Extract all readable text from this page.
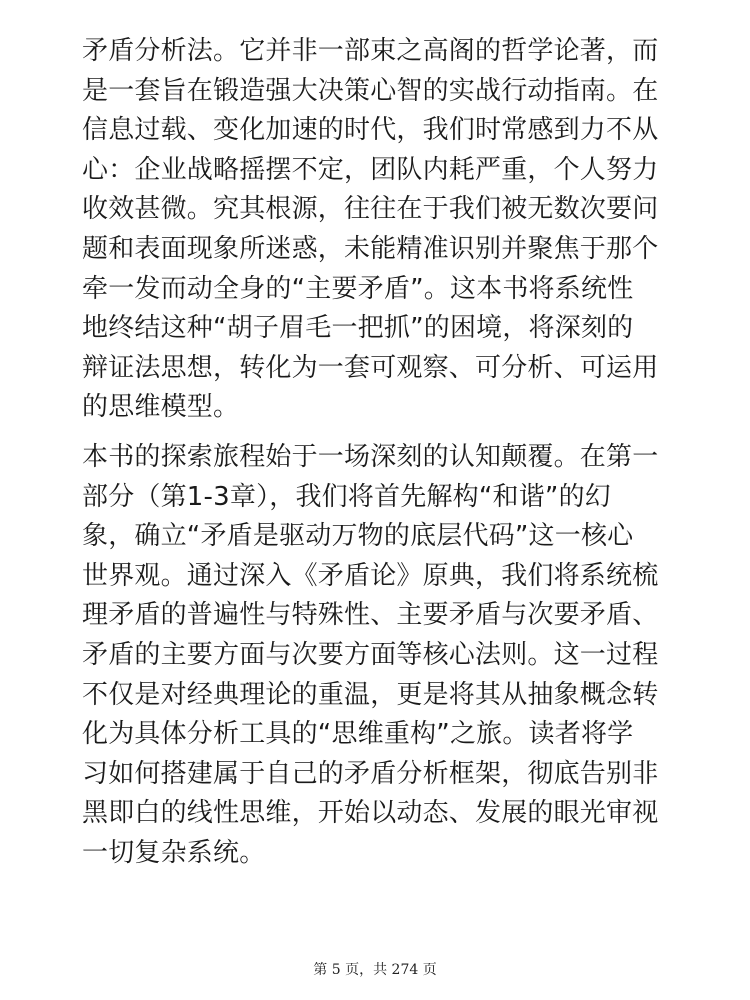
矛盾分析法。它并非一部束之高阁的哲学论著，而
是一套旨在锻造强大决策心智的实战行动指南。在
信息过载、变化加速的时代，我们时常感到力不从
心：企业战略摇摆不定，团队内耗严重，个人努力
收效甚微。究其根源，往往在于我们被无数次要问
题和表面现象所迷惑，未能精准识别并聚焦于那个
牵一发而动全身的“主要矛盾”。这本书将系统性
地终结这种“胡子眉毛一把抓”的困境，将深刻的
辩证法思想，转化为一套可观察、可分析、可运用
的思维模型。

本书的探索旅程始于一场深刻的认知颠覆。在第一
部分（第1-3章），我们将首先解构“和谐”的幻
象，确立“矛盾是驱动万物的底层代码”这一核心
世界观。通过深入《矛盾论》原典，我们将系统梳
理矛盾的普遍性与特殊性、主要矛盾与次要矛盾、
矛盾的主要方面与次要方面等核心法则。这一过程
不仅是对经典理论的重温，更是将其从抽象概念转
化为具体分析工具的“思维重构”之旅。读者将学
习如何搭建属于自己的矛盾分析框架，彻底告别非
黑即白的线性思维，开始以动态、发展的眼光审视
一切复杂系统。

第 5 页，共 274 页
